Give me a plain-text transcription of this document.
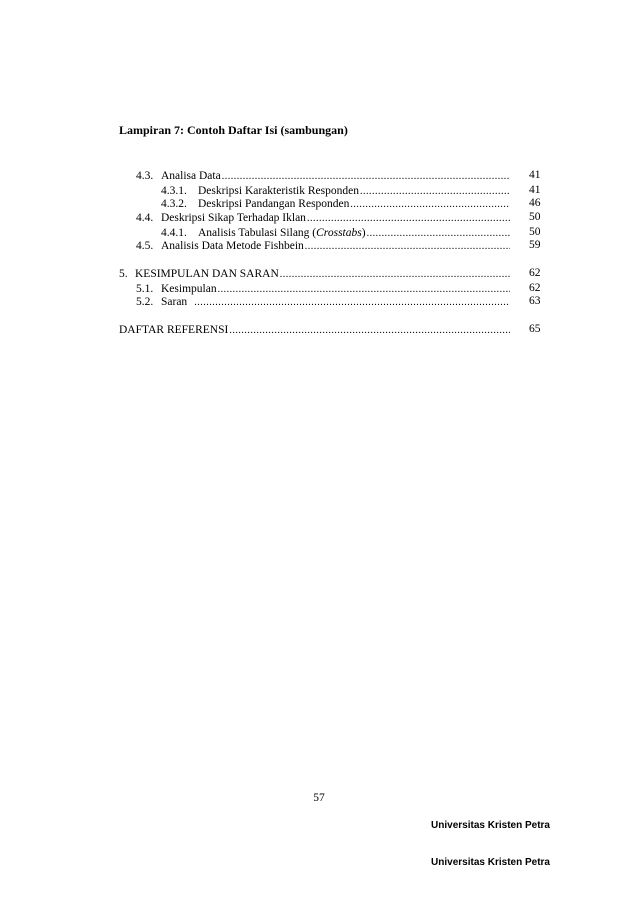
Lampiran 7: Contoh Daftar Isi (sambungan)
4.3. Analisa Data .....	41
4.3.1. Deskripsi Karakteristik Responden .....	41
4.3.2. Deskripsi Pandangan Responden .....	46
4.4. Deskripsi Sikap Terhadap Iklan .....	50
4.4.1. Analisis Tabulasi Silang (Crosstabs) .....	50
4.5. Analisis Data Metode Fishbein .....	59
5. KESIMPULAN DAN SARAN .....	62
5.1. Kesimpulan .....	62
5.2. Saran .....	63
DAFTAR REFERENSI .....	65
57
Universitas Kristen Petra
Universitas Kristen Petra
